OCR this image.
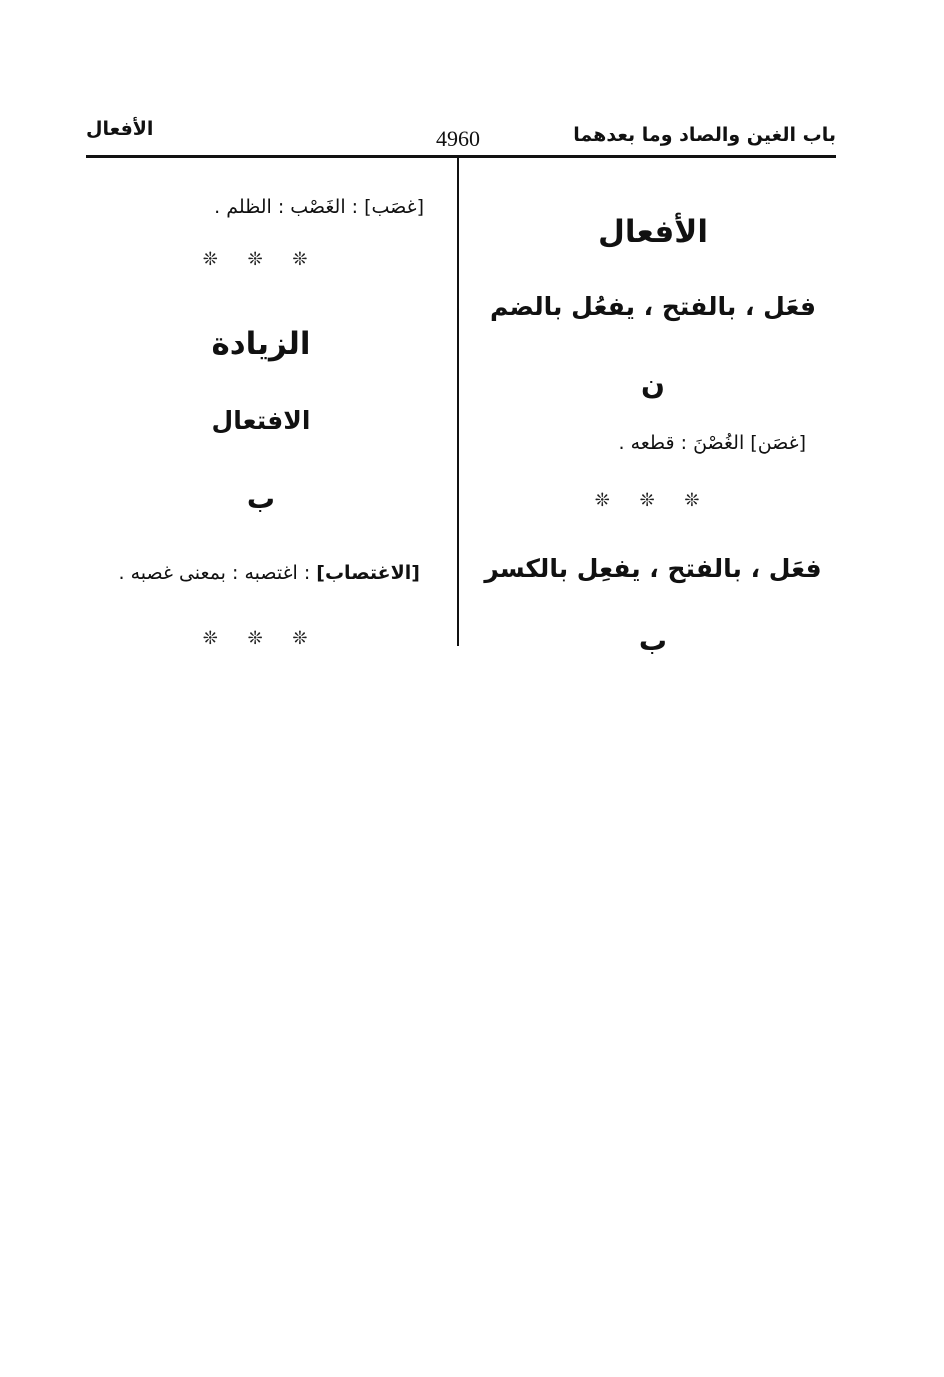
باب الغين والصاد وما بعدهما
4960
الأفعال
الأفعال
فعَل ، بالفتح ، يفعُل بالضم
ن
[غصَن] الغُصْنَ : قطعه .
❊ ❊ ❊
فعَل ، بالفتح ، يفعِل بالكسر
ب
[غصَب] : الغَصْب : الظلم .
❊ ❊ ❊
الزيادة
الافتعال
ب
[الاغتصاب] : اغتصبه : بمعنى غصبه .
❊ ❊ ❊
